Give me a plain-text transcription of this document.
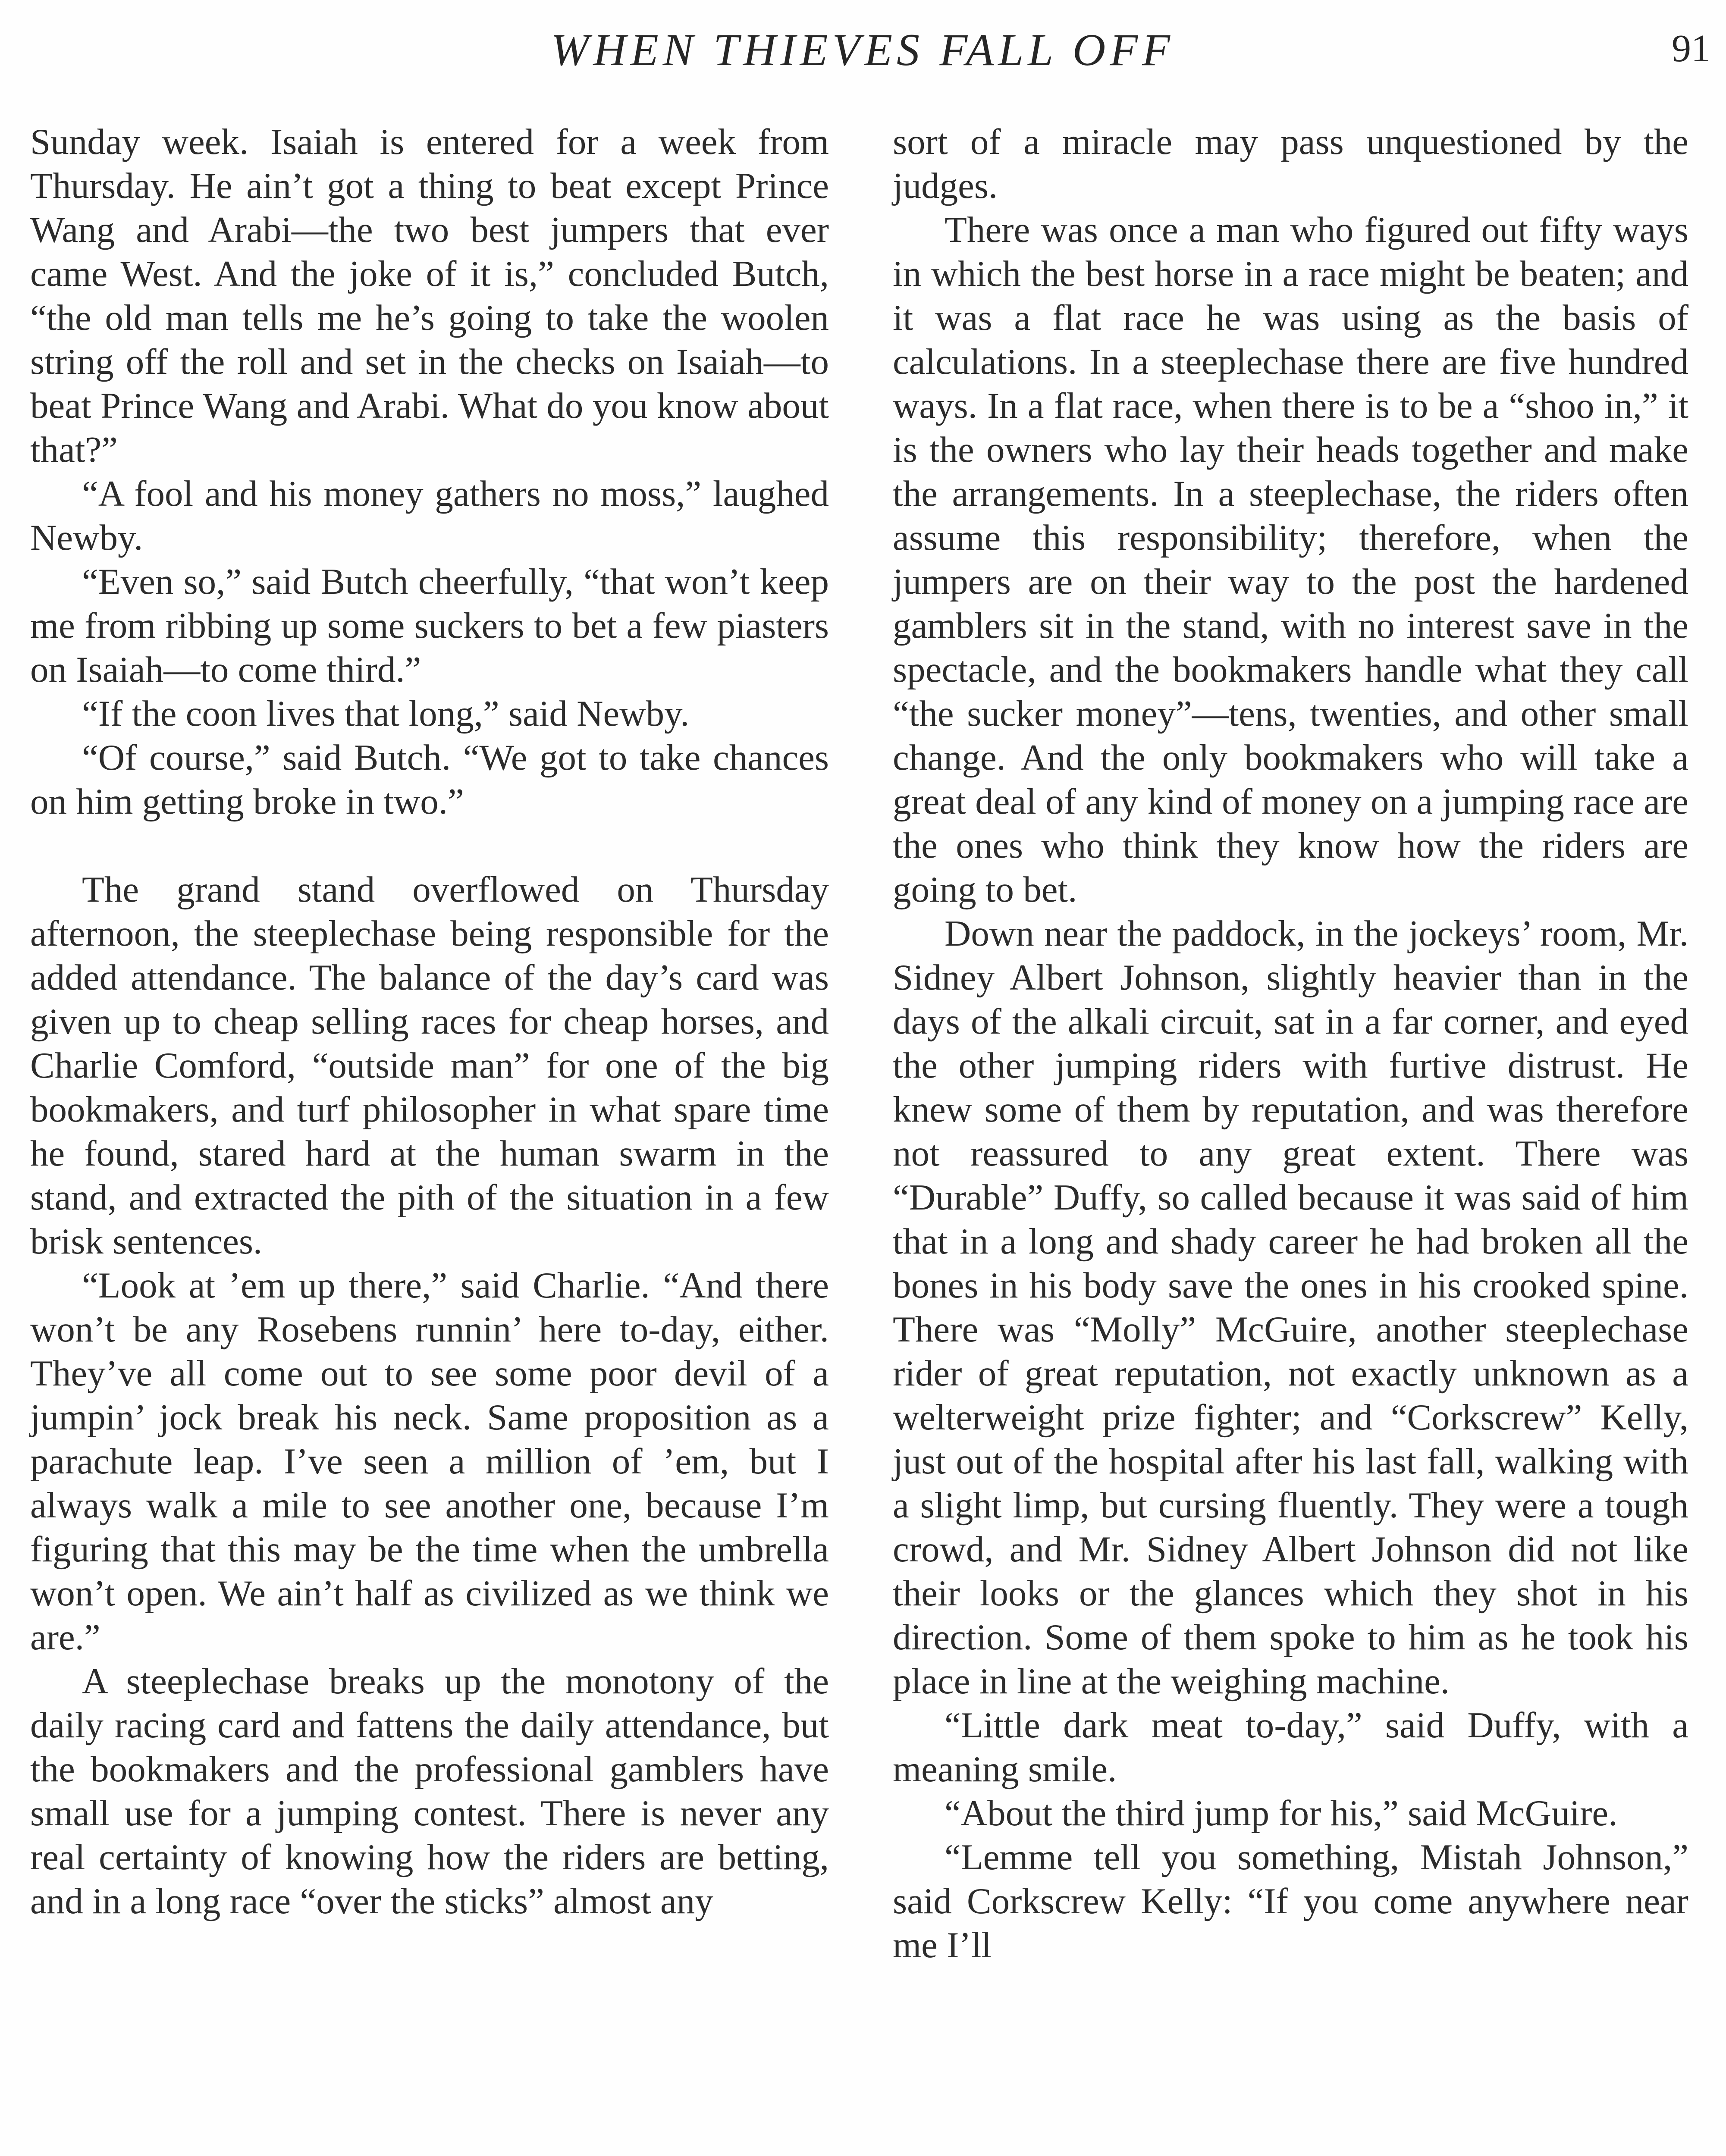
WHEN THIEVES FALL OFF	91

Sunday week. Isaiah is entered for a week from Thursday. He ain’t got a thing to beat except Prince Wang and Arabi—the two best jumpers that ever came West. And the joke of it is,” concluded Butch, “the old man tells me he’s going to take the woolen string off the roll and set in the checks on Isaiah—to beat Prince Wang and Arabi. What do you know about that?”

“A fool and his money gathers no moss,” laughed Newby.

“Even so,” said Butch cheerfully, “that won’t keep me from ribbing up some suckers to bet a few piasters on Isaiah—to come third.”

“If the coon lives that long,” said Newby.

“Of course,” said Butch. “We got to take chances on him getting broke in two.”

The grand stand overflowed on Thursday afternoon, the steeplechase being responsible for the added attendance. The balance of the day’s card was given up to cheap selling races for cheap horses, and Charlie Comford, “outside man” for one of the big bookmakers, and turf philosopher in what spare time he found, stared hard at the human swarm in the stand, and extracted the pith of the situation in a few brisk sentences.

“Look at ’em up there,” said Charlie. “And there won’t be any Rosebens runnin’ here to-day, either. They’ve all come out to see some poor devil of a jumpin’ jock break his neck. Same proposition as a parachute leap. I’ve seen a million of ’em, but I always walk a mile to see another one, because I’m figuring that this may be the time when the umbrella won’t open. We ain’t half as civilized as we think we are.”

A steeplechase breaks up the monotony of the daily racing card and fattens the daily attendance, but the bookmakers and the professional gamblers have small use for a jumping contest. There is never any real certainty of knowing how the riders are betting, and in a long race “over the sticks” almost any

sort of a miracle may pass unquestioned by the judges.

There was once a man who figured out fifty ways in which the best horse in a race might be beaten; and it was a flat race he was using as the basis of calculations. In a steeplechase there are five hundred ways. In a flat race, when there is to be a “shoo in,” it is the owners who lay their heads together and make the arrangements. In a steeplechase, the riders often assume this responsibility; therefore, when the jumpers are on their way to the post the hardened gamblers sit in the stand, with no interest save in the spectacle, and the bookmakers handle what they call “the sucker money”—tens, twenties, and other small change. And the only bookmakers who will take a great deal of any kind of money on a jumping race are the ones who think they know how the riders are going to bet.

Down near the paddock, in the jockeys’ room, Mr. Sidney Albert Johnson, slightly heavier than in the days of the alkali circuit, sat in a far corner, and eyed the other jumping riders with furtive distrust. He knew some of them by reputation, and was therefore not reassured to any great extent. There was “Durable” Duffy, so called because it was said of him that in a long and shady career he had broken all the bones in his body save the ones in his crooked spine. There was “Molly” McGuire, another steeplechase rider of great reputation, not exactly unknown as a welterweight prize fighter; and “Corkscrew” Kelly, just out of the hospital after his last fall, walking with a slight limp, but cursing fluently. They were a tough crowd, and Mr. Sidney Albert Johnson did not like their looks or the glances which they shot in his direction. Some of them spoke to him as he took his place in line at the weighing machine.

“Little dark meat to-day,” said Duffy, with a meaning smile.

“About the third jump for his,” said McGuire.

“Lemme tell you something, Mistah Johnson,” said Corkscrew Kelly: “If you come anywhere near me I’ll
